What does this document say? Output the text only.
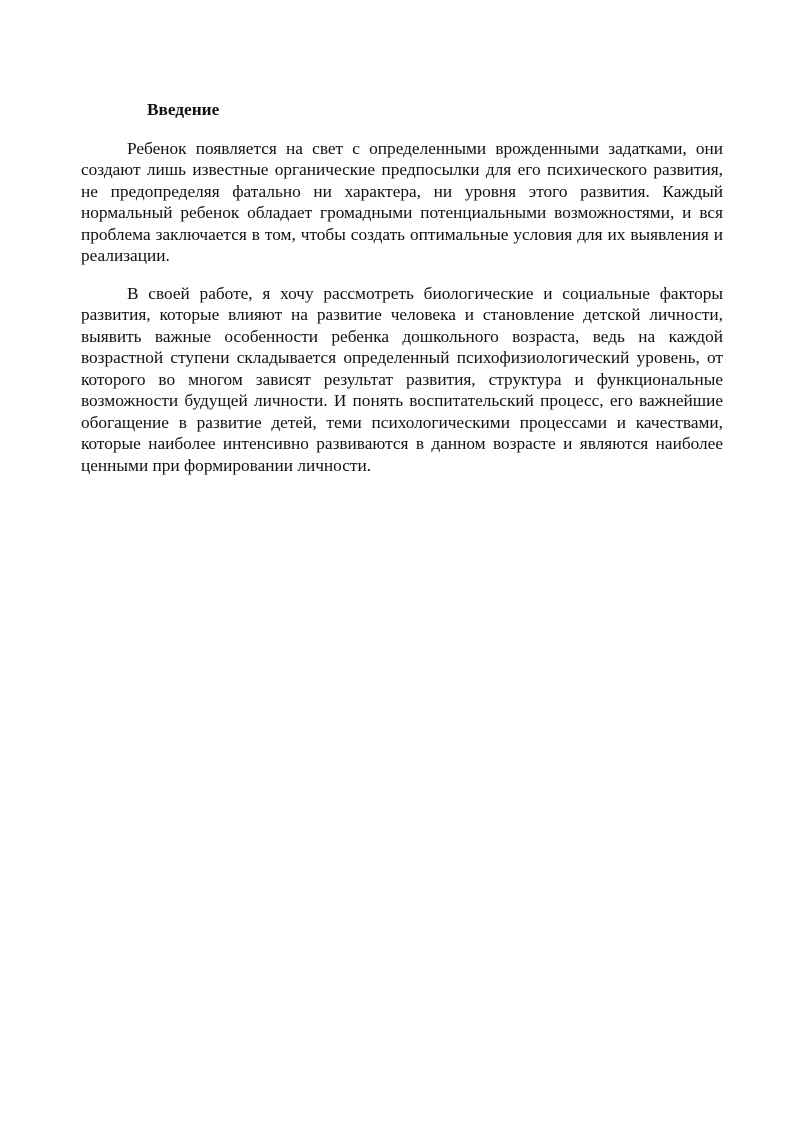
Введение

Ребенок появляется на свет с определенными врожденными задатками, они создают лишь известные органические предпосылки для его психического развития, не предопределяя фатально ни характера, ни уровня этого развития. Каждый нормальный ребенок обладает громадными потенциальными возможностями, и вся проблема заключается в том, чтобы создать оптимальные условия для их выявления и реализации.

В своей работе, я хочу рассмотреть биологические и социальные факторы развития, которые влияют на развитие человека и становление детской личности, выявить важные особенности ребенка дошкольного возраста, ведь на каждой возрастной ступени складывается определенный психофизиологический уровень, от которого во многом зависят результат развития, структура и функциональные возможности будущей личности. И понять воспитательский процесс, его важнейшие обогащение в развитие детей, теми психологическими процессами и качествами, которые наиболее интенсивно развиваются в данном возрасте и являются наиболее ценными при формировании личности.
